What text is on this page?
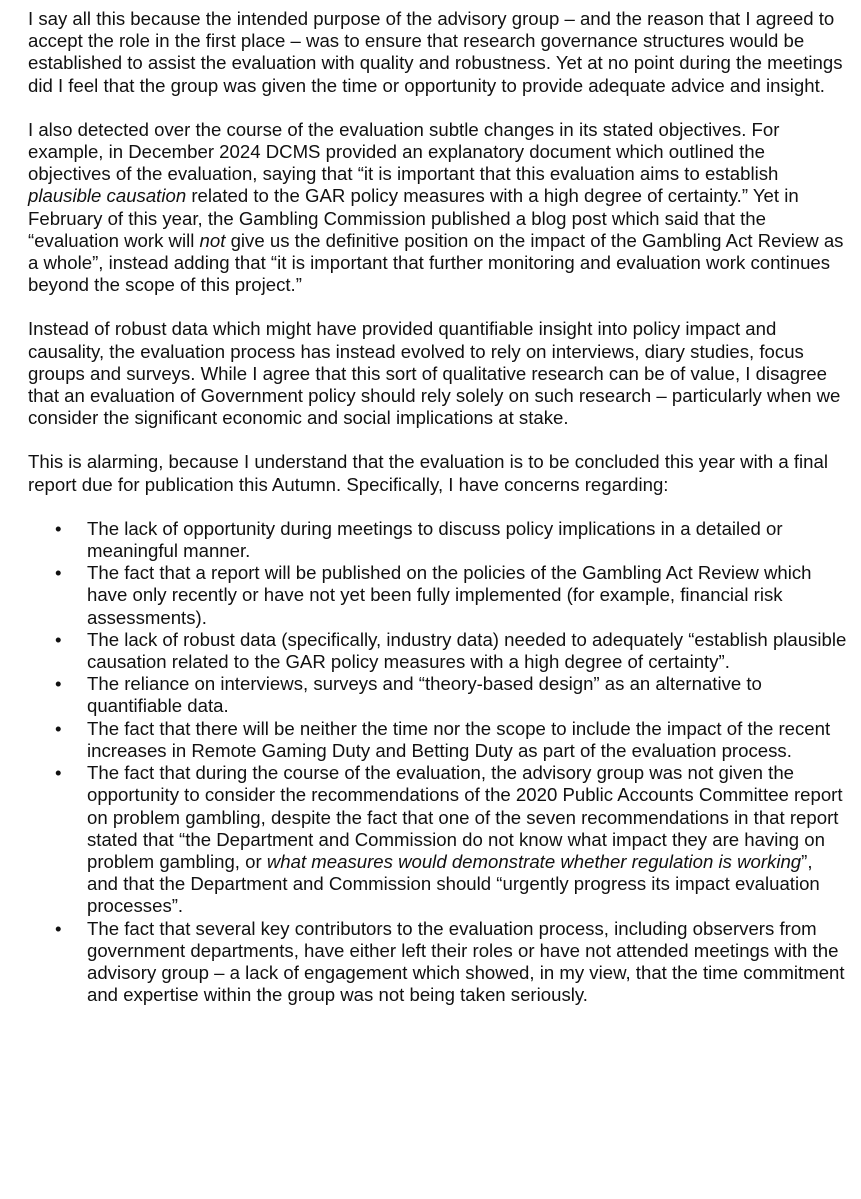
I say all this because the intended purpose of the advisory group – and the reason that I agreed to accept the role in the first place – was to ensure that research governance structures would be established to assist the evaluation with quality and robustness. Yet at no point during the meetings did I feel that the group was given the time or opportunity to provide adequate advice and insight.

I also detected over the course of the evaluation subtle changes in its stated objectives. For example, in December 2024 DCMS provided an explanatory document which outlined the objectives of the evaluation, saying that “it is important that this evaluation aims to establish plausible causation related to the GAR policy measures with a high degree of certainty.” Yet in February of this year, the Gambling Commission published a blog post which said that the “evaluation work will not give us the definitive position on the impact of the Gambling Act Review as a whole”, instead adding that “it is important that further monitoring and evaluation work continues beyond the scope of this project.”

Instead of robust data which might have provided quantifiable insight into policy impact and causality, the evaluation process has instead evolved to rely on interviews, diary studies, focus groups and surveys. While I agree that this sort of qualitative research can be of value, I disagree that an evaluation of Government policy should rely solely on such research – particularly when we consider the significant economic and social implications at stake.

This is alarming, because I understand that the evaluation is to be concluded this year with a final report due for publication this Autumn. Specifically, I have concerns regarding:

• The lack of opportunity during meetings to discuss policy implications in a detailed or meaningful manner.
• The fact that a report will be published on the policies of the Gambling Act Review which have only recently or have not yet been fully implemented (for example, financial risk assessments).
• The lack of robust data (specifically, industry data) needed to adequately “establish plausible causation related to the GAR policy measures with a high degree of certainty”.
• The reliance on interviews, surveys and “theory-based design” as an alternative to quantifiable data.
• The fact that there will be neither the time nor the scope to include the impact of the recent increases in Remote Gaming Duty and Betting Duty as part of the evaluation process.
• The fact that during the course of the evaluation, the advisory group was not given the opportunity to consider the recommendations of the 2020 Public Accounts Committee report on problem gambling, despite the fact that one of the seven recommendations in that report stated that “the Department and Commission do not know what impact they are having on problem gambling, or what measures would demonstrate whether regulation is working”, and that the Department and Commission should “urgently progress its impact evaluation processes”.
• The fact that several key contributors to the evaluation process, including observers from government departments, have either left their roles or have not attended meetings with the advisory group – a lack of engagement which showed, in my view, that the time commitment and expertise within the group was not being taken seriously.
